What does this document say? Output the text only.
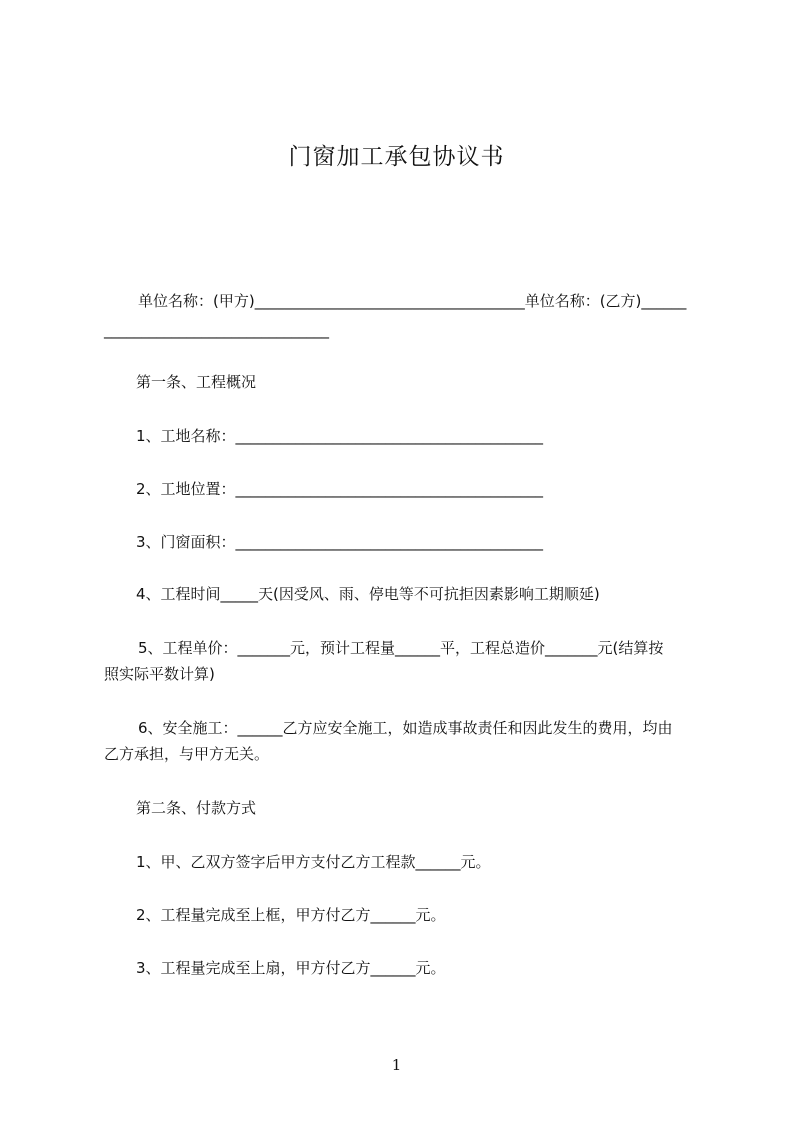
门窗加工承包协议书
单位名称：(甲方)____________________________________单位名称：(乙方)______
______________________________
第一条、工程概况
1、工地名称：_________________________________________
2、工地位置：_________________________________________
3、门窗面积：_________________________________________
4、工程时间_____天(因受风、雨、停电等不可抗拒因素影响工期顺延)
5、工程单价：_______元，预计工程量______平，工程总造价_______元(结算按
照实际平数计算)
6、安全施工：______乙方应安全施工，如造成事故责任和因此发生的费用，均由
乙方承担，与甲方无关。
第二条、付款方式
1、甲、乙双方签字后甲方支付乙方工程款______元。
2、工程量完成至上框，甲方付乙方______元。
3、工程量完成至上扇，甲方付乙方______元。
1
